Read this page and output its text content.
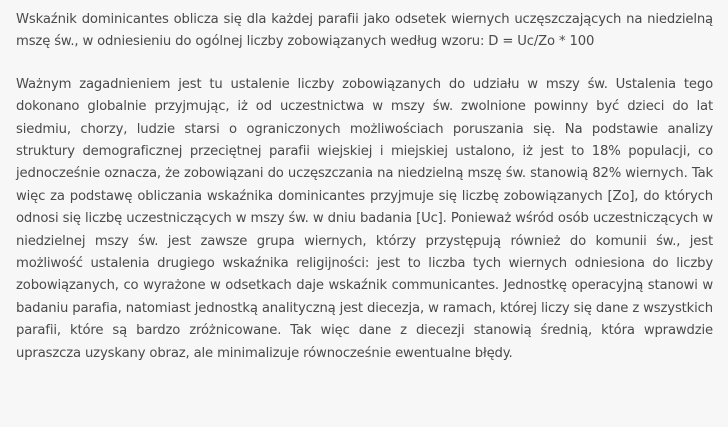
Wskaźnik dominicantes oblicza się dla każdej parafii jako odsetek wiernych uczęszczających na niedzielną mszę św., w odniesieniu do ogólnej liczby zobowiązanych według wzoru: D = Uc/Zo * 100

Ważnym zagadnieniem jest tu ustalenie liczby zobowiązanych do udziału w mszy św. Ustalenia tego dokonano globalnie przyjmując, iż od uczestnictwa w mszy św. zwolnione powinny być dzieci do lat siedmiu, chorzy, ludzie starsi o ograniczonych możliwościach poruszania się. Na podstawie analizy struktury demograficznej przeciętnej parafii wiejskiej i miejskiej ustalono, iż jest to 18% populacji, co jednocześnie oznacza, że zobowiązani do uczęszczania na niedzielną mszę św. stanowią 82% wiernych. Tak więc za podstawę obliczania wskaźnika dominicantes przyjmuje się liczbę zobowiązanych [Zo], do których odnosi się liczbę uczestniczących w mszy św. w dniu badania [Uc]. Ponieważ wśród osób uczestniczących w niedzielnej mszy św. jest zawsze grupa wiernych, którzy przystępują również do komunii św., jest możliwość ustalenia drugiego wskaźnika religijności: jest to liczba tych wiernych odniesiona do liczby zobowiązanych, co wyrażone w odsetkach daje wskaźnik communicantes. Jednostkę operacyjną stanowi w badaniu parafia, natomiast jednostką analityczną jest diecezja, w ramach, której liczy się dane z wszystkich parafii, które są bardzo zróżnicowane. Tak więc dane z diecezji stanowią średnią, która wprawdzie upraszcza uzyskany obraz, ale minimalizuje równocześnie ewentualne błędy.
